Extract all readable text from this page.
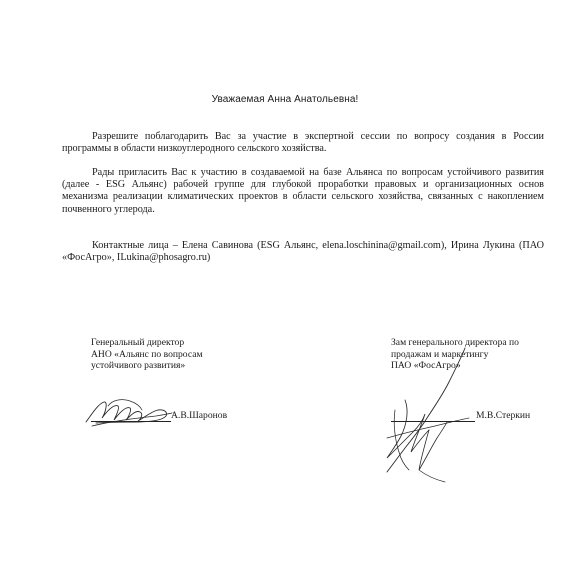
Уважаемая Анна Анатольевна!

Разрешите поблагодарить Вас за участие в экспертной сессии по вопросу создания в России программы в области низкоуглеродного сельского хозяйства.

Рады пригласить Вас к участию в создаваемой на базе Альянса по вопросам устойчивого развития (далее - ESG Альянс) рабочей группе для глубокой проработки правовых и организационных основ механизма реализации климатических проектов в области сельского хозяйства, связанных с накоплением почвенного углерода.

Контактные лица – Елена Савинова (ESG Альянс, elena.loschinina@gmail.com), Ирина Лукина (ПАО «ФосАгро», ILukina@phosagro.ru)

Генеральный директор
АНО «Альянс по вопросам
устойчивого развития»
А.В.Шаронов
Зам генерального директора по
продажам и маркетингу
ПАО «ФосАгро»
М.В.Стеркин
